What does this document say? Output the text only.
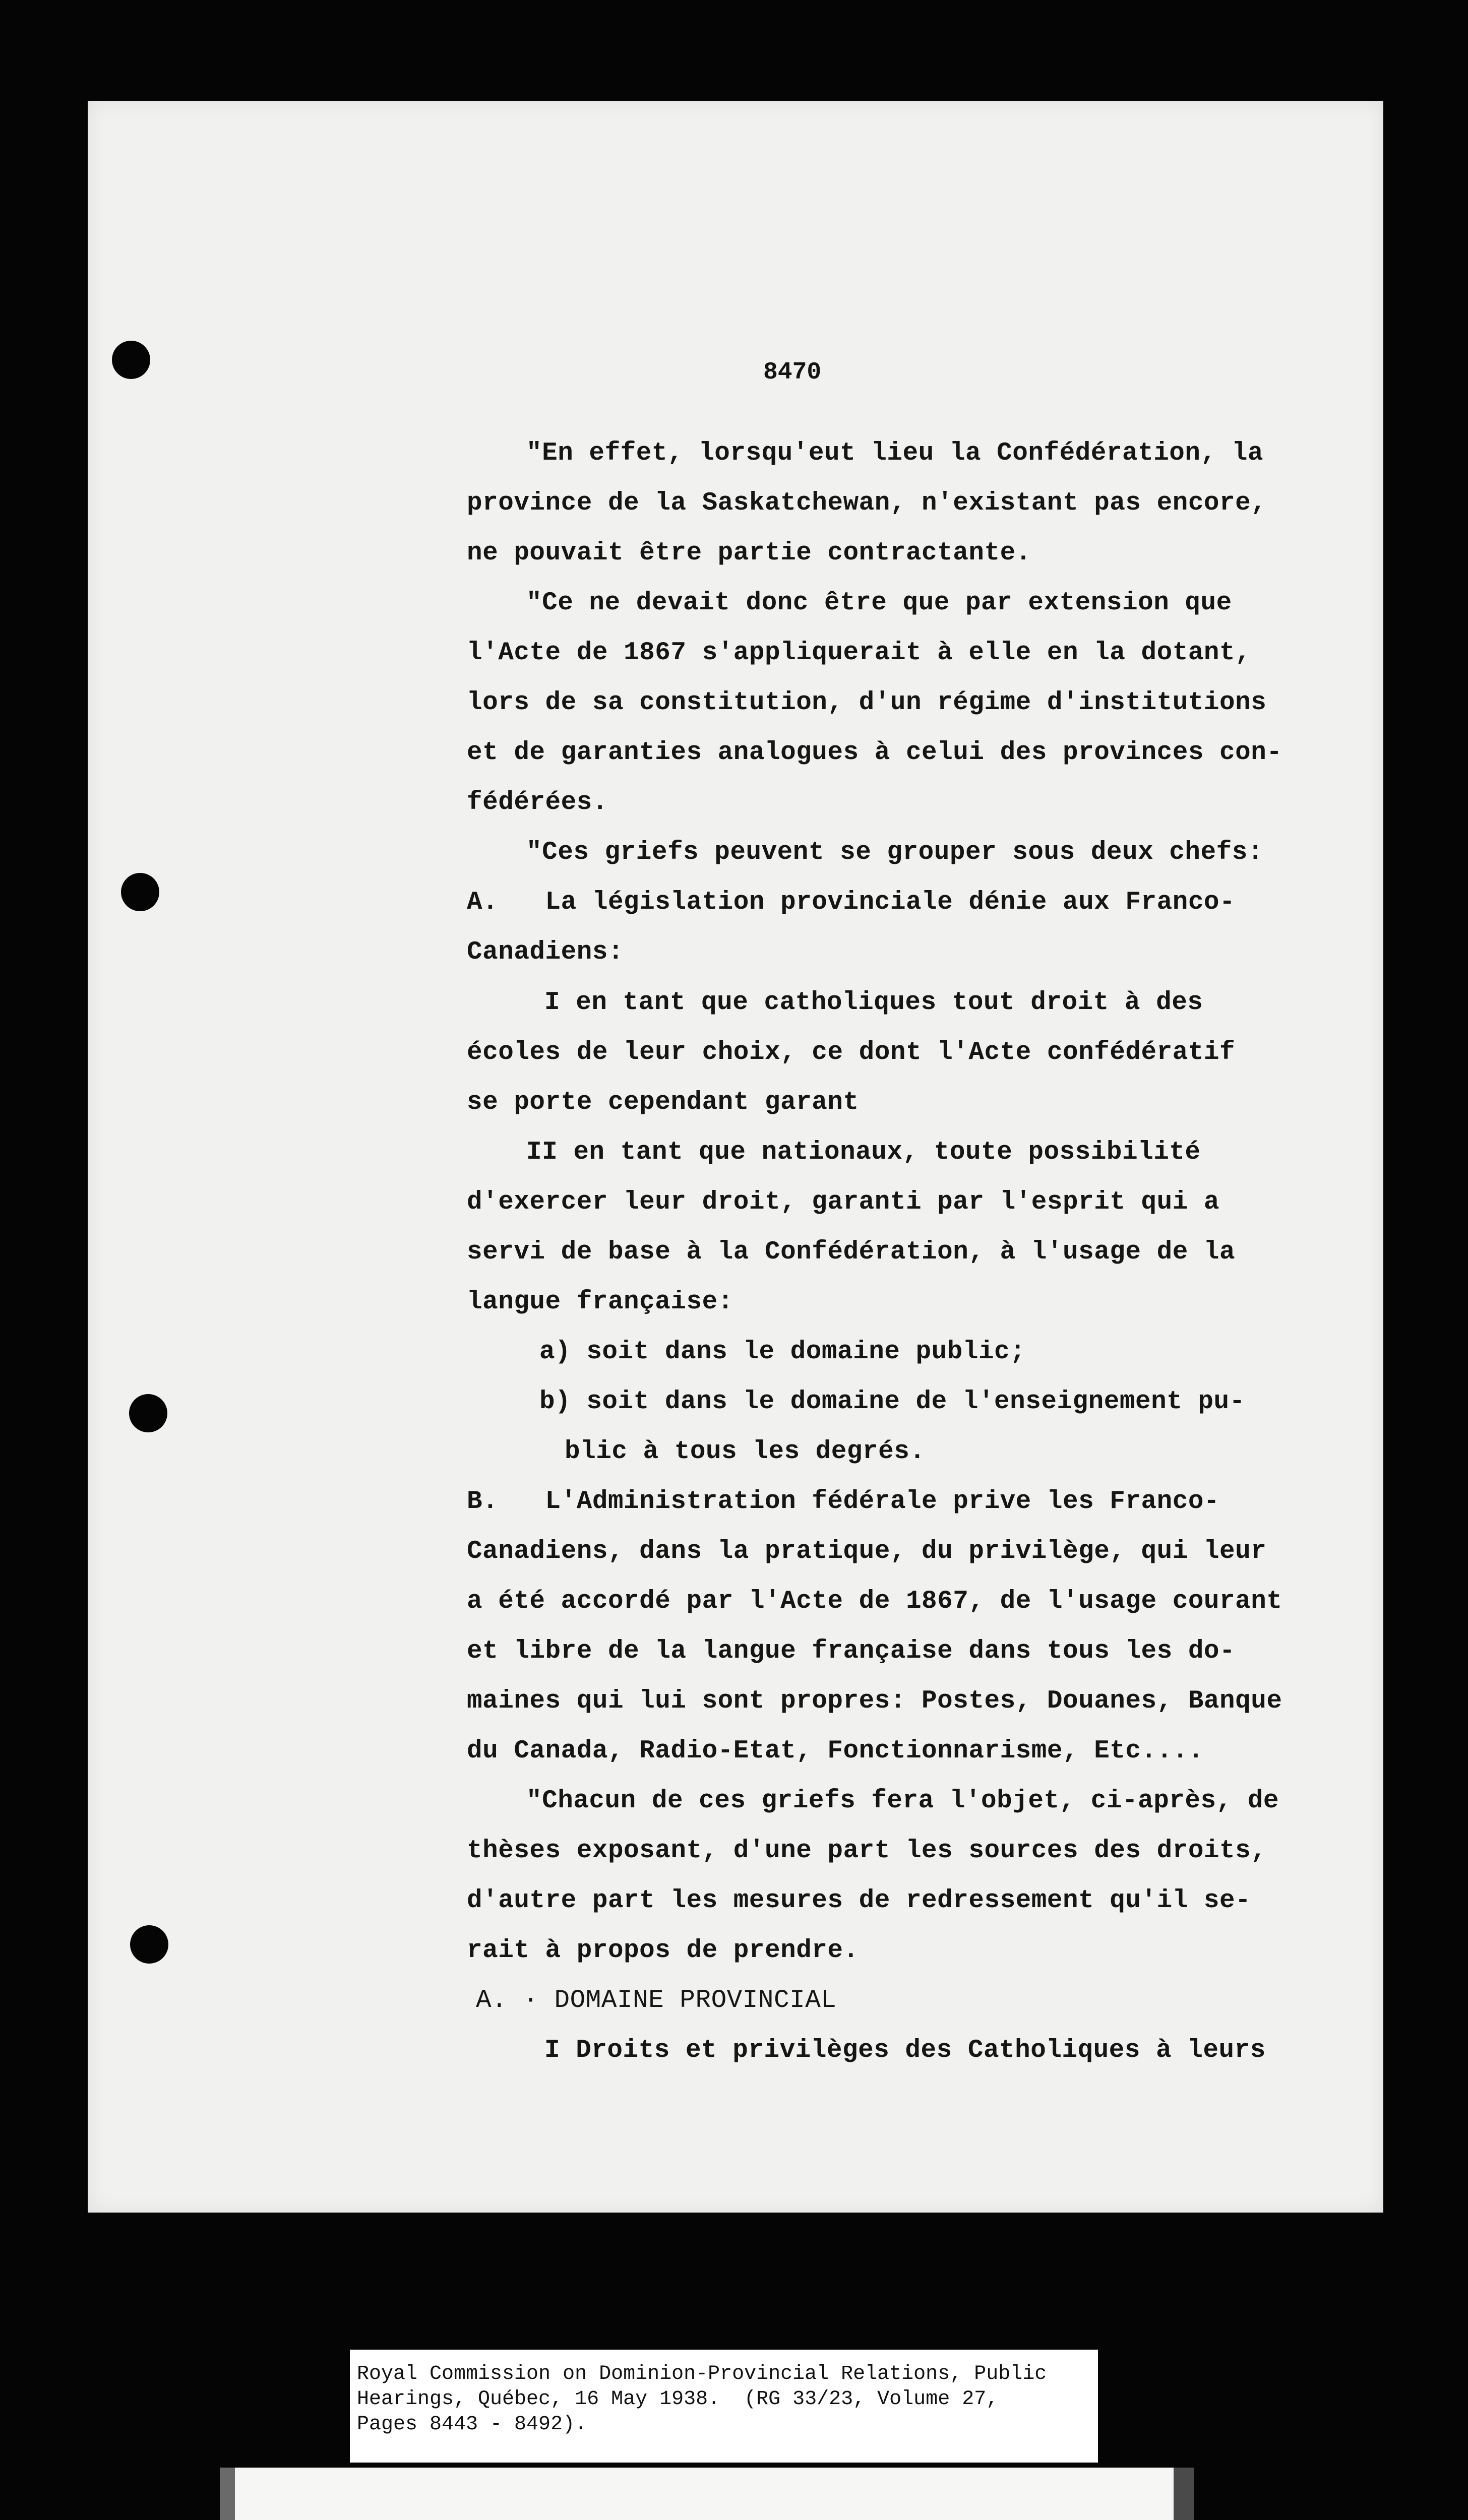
8470
"En effet, lorsqu'eut lieu la Confédération, la
province de la Saskatchewan, n'existant pas encore,
ne pouvait être partie contractante.
"Ce ne devait donc être que par extension que
l'Acte de 1867 s'appliquerait à elle en la dotant,
lors de sa constitution, d'un régime d'institutions
et de garanties analogues à celui des provinces con-
fédérées.
"Ces griefs peuvent se grouper sous deux chefs:
A.   La législation provinciale dénie aux Franco-
Canadiens:
I en tant que catholiques tout droit à des
écoles de leur choix, ce dont l'Acte confédératif
se porte cependant garant
II en tant que nationaux, toute possibilité
d'exercer leur droit, garanti par l'esprit qui a
servi de base à la Confédération, à l'usage de la
langue française:
a) soit dans le domaine public;
b) soit dans le domaine de l'enseignement pu-
blic à tous les degrés.
B.   L'Administration fédérale prive les Franco-
Canadiens, dans la pratique, du privilège, qui leur
a été accordé par l'Acte de 1867, de l'usage courant
et libre de la langue française dans tous les do-
maines qui lui sont propres: Postes, Douanes, Banque
du Canada, Radio-Etat, Fonctionnarisme, Etc....
"Chacun de ces griefs fera l'objet, ci-après, de
thèses exposant, d'une part les sources des droits,
d'autre part les mesures de redressement qu'il se-
rait à propos de prendre.
A. · DOMAINE PROVINCIAL
I Droits et privilèges des Catholiques à leurs
Royal Commission on Dominion-Provincial Relations, Public
Hearings, Québec, 16 May 1938.  (RG 33/23, Volume 27,
Pages 8443 - 8492).
